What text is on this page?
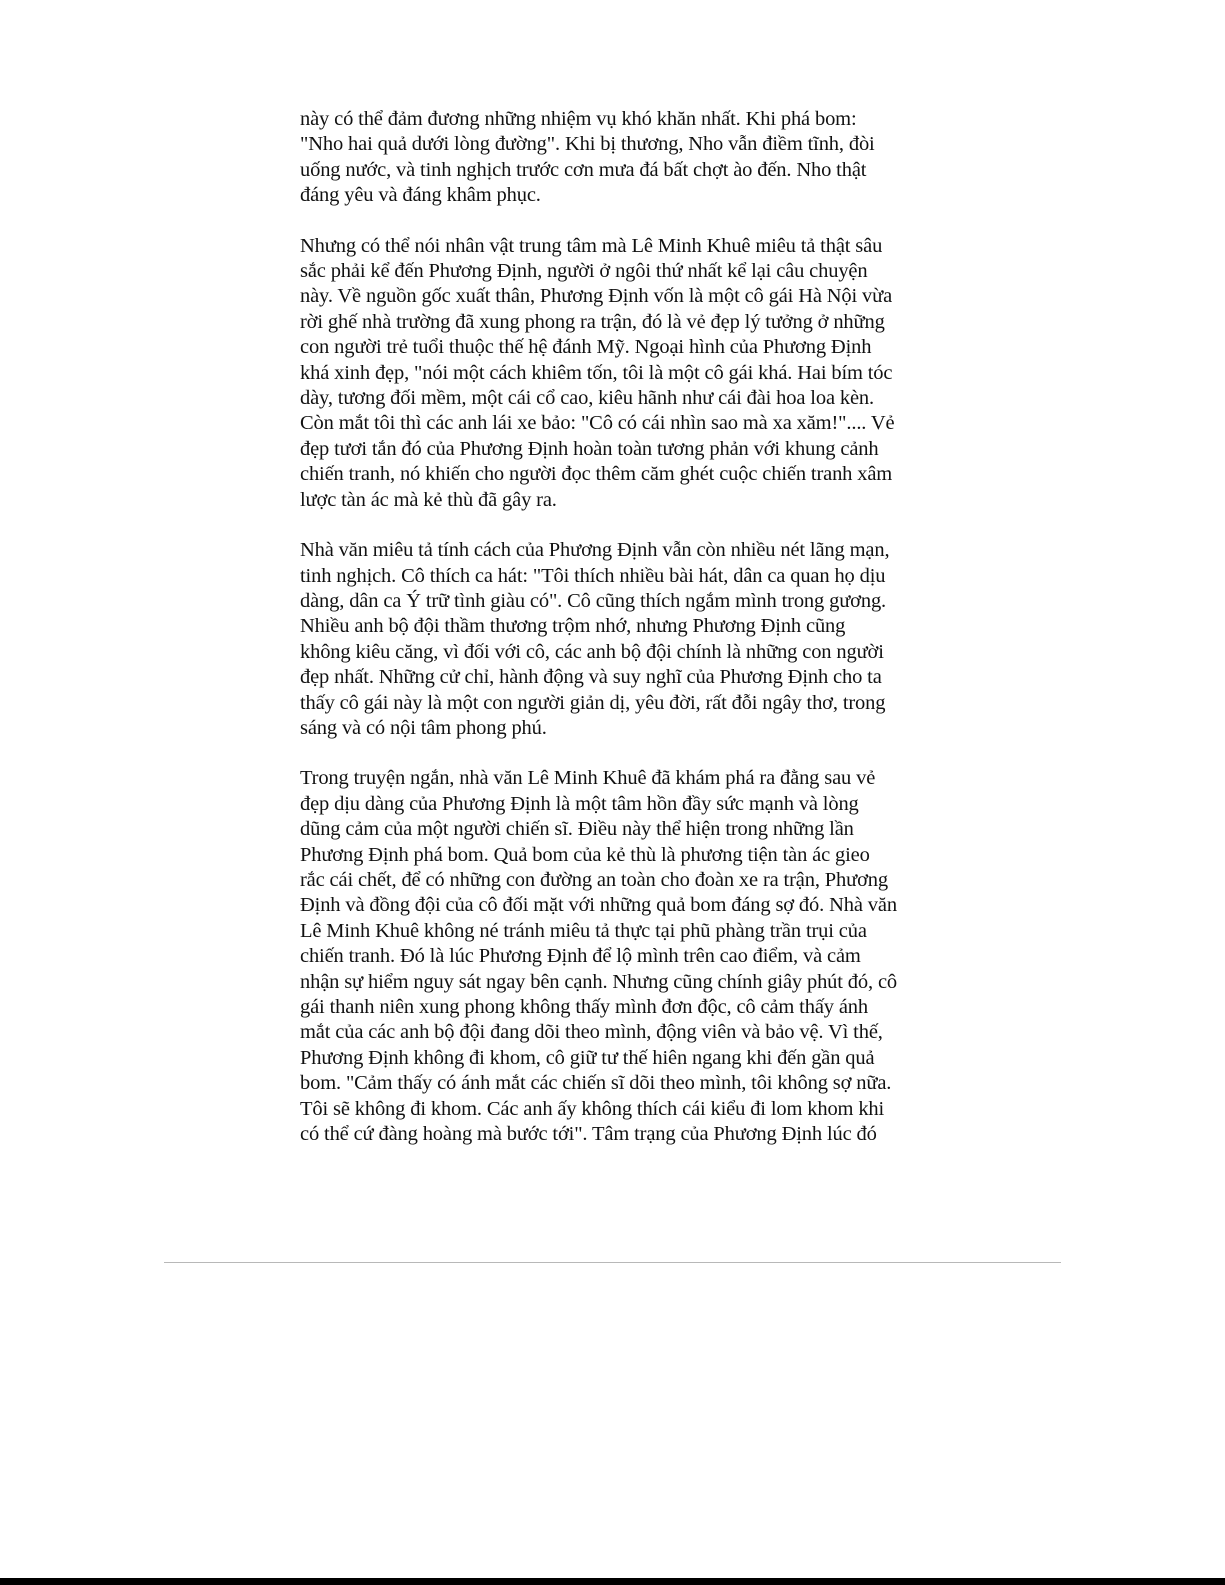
này có thể đảm đương những nhiệm vụ khó khăn nhất. Khi phá bom:
"Nho hai quả dưới lòng đường". Khi bị thương, Nho vẫn điềm tĩnh, đòi
uống nước, và tinh nghịch trước cơn mưa đá bất chợt ào đến. Nho thật
đáng yêu và đáng khâm phục.

Nhưng có thể nói nhân vật trung tâm mà Lê Minh Khuê miêu tả thật sâu
sắc phải kể đến Phương Định, người ở ngôi thứ nhất kể lại câu chuyện
này. Về nguồn gốc xuất thân, Phương Định vốn là một cô gái Hà Nội vừa
rời ghế nhà trường đã xung phong ra trận, đó là vẻ đẹp lý tưởng ở những
con người trẻ tuổi thuộc thế hệ đánh Mỹ. Ngoại hình của Phương Định
khá xinh đẹp, "nói một cách khiêm tốn, tôi là một cô gái khá. Hai bím tóc
dày, tương đối mềm, một cái cổ cao, kiêu hãnh như cái đài hoa loa kèn.
Còn mắt tôi thì các anh lái xe bảo: "Cô có cái nhìn sao mà xa xăm!".... Vẻ
đẹp tươi tắn đó của Phương Định hoàn toàn tương phản với khung cảnh
chiến tranh, nó khiến cho người đọc thêm căm ghét cuộc chiến tranh xâm
lược tàn ác mà kẻ thù đã gây ra.

Nhà văn miêu tả tính cách của Phương Định vẫn còn nhiều nét lãng mạn,
tinh nghịch. Cô thích ca hát: "Tôi thích nhiều bài hát, dân ca quan họ dịu
dàng, dân ca Ý trữ tình giàu có". Cô cũng thích ngắm mình trong gương.
Nhiều anh bộ đội thầm thương trộm nhớ, nhưng Phương Định cũng
không kiêu căng, vì đối với cô, các anh bộ đội chính là những con người
đẹp nhất. Những cử chỉ, hành động và suy nghĩ của Phương Định cho ta
thấy cô gái này là một con người giản dị, yêu đời, rất đỗi ngây thơ, trong
sáng và có nội tâm phong phú.

Trong truyện ngắn, nhà văn Lê Minh Khuê đã khám phá ra đằng sau vẻ
đẹp dịu dàng của Phương Định là một tâm hồn đầy sức mạnh và lòng
dũng cảm của một người chiến sĩ. Điều này thể hiện trong những lần
Phương Định phá bom. Quả bom của kẻ thù là phương tiện tàn ác gieo
rắc cái chết, để có những con đường an toàn cho đoàn xe ra trận, Phương
Định và đồng đội của cô đối mặt với những quả bom đáng sợ đó. Nhà văn
Lê Minh Khuê không né tránh miêu tả thực tại phũ phàng trần trụi của
chiến tranh. Đó là lúc Phương Định để lộ mình trên cao điểm, và cảm
nhận sự hiểm nguy sát ngay bên cạnh. Nhưng cũng chính giây phút đó, cô
gái thanh niên xung phong không thấy mình đơn độc, cô cảm thấy ánh
mắt của các anh bộ đội đang dõi theo mình, động viên và bảo vệ. Vì thế,
Phương Định không đi khom, cô giữ tư thế hiên ngang khi đến gần quả
bom. "Cảm thấy có ánh mắt các chiến sĩ dõi theo mình, tôi không sợ nữa.
Tôi sẽ không đi khom. Các anh ấy không thích cái kiểu đi lom khom khi
có thể cứ đàng hoàng mà bước tới". Tâm trạng của Phương Định lúc đó
